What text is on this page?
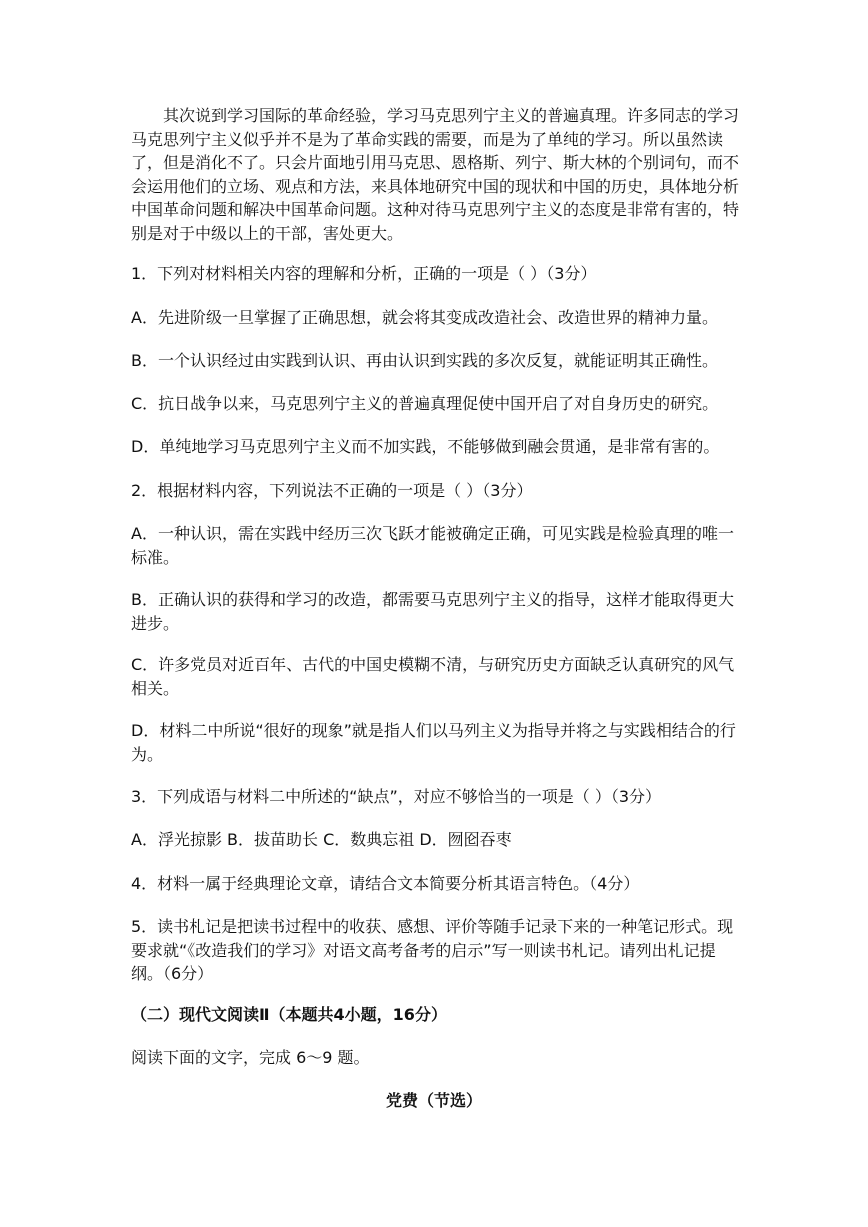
其次说到学习国际的革命经验，学习马克思列宁主义的普遍真理。许多同志的学习马克思列宁主义似乎并不是为了革命实践的需要，而是为了单纯的学习。所以虽然读了，但是消化不了。只会片面地引用马克思、恩格斯、列宁、斯大林的个别词句，而不会运用他们的立场、观点和方法，来具体地研究中国的现状和中国的历史，具体地分析中国革命问题和解决中国革命问题。这种对待马克思列宁主义的态度是非常有害的，特别是对于中级以上的干部，害处更大。

1．下列对材料相关内容的理解和分析，正确的一项是（ ）（3分）

A．先进阶级一旦掌握了正确思想，就会将其变成改造社会、改造世界的精神力量。

B．一个认识经过由实践到认识、再由认识到实践的多次反复，就能证明其正确性。

C．抗日战争以来，马克思列宁主义的普遍真理促使中国开启了对自身历史的研究。

D．单纯地学习马克思列宁主义而不加实践，不能够做到融会贯通，是非常有害的。

2．根据材料内容，下列说法不正确的一项是（ ）（3分）

A．一种认识，需在实践中经历三次飞跃才能被确定正确，可见实践是检验真理的唯一标准。

B．正确认识的获得和学习的改造，都需要马克思列宁主义的指导，这样才能取得更大进步。

C．许多党员对近百年、古代的中国史模糊不清，与研究历史方面缺乏认真研究的风气相关。

D．材料二中所说“很好的现象”就是指人们以马列主义为指导并将之与实践相结合的行为。

3．下列成语与材料二中所述的“缺点”，对应不够恰当的一项是（ ）（3分）

A．浮光掠影 B．拔苗助长 C．数典忘祖 D．囫囵吞枣

4．材料一属于经典理论文章，请结合文本简要分析其语言特色。（4分）

5．读书札记是把读书过程中的收获、感想、评价等随手记录下来的一种笔记形式。现要求就“《改造我们的学习》对语文高考备考的启示”写一则读书札记。请列出札记提纲。（6分）

（二）现代文阅读Ⅱ（本题共4小题，16分）

阅读下面的文字，完成 6～9 题。

党费（节选）
